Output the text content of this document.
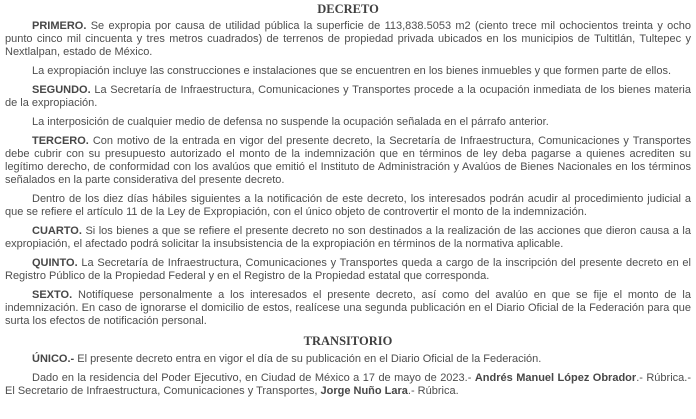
DECRETO

PRIMERO. Se expropia por causa de utilidad pública la superficie de 113,838.5053 m2 (ciento trece mil ochocientos treinta y ocho punto cinco mil cincuenta y tres metros cuadrados) de terrenos de propiedad privada ubicados en los municipios de Tultitlán, Tultepec y Nextlalpan, estado de México.

La expropiación incluye las construcciones e instalaciones que se encuentren en los bienes inmuebles y que formen parte de ellos.

SEGUNDO. La Secretaría de Infraestructura, Comunicaciones y Transportes procede a la ocupación inmediata de los bienes materia de la expropiación.

La interposición de cualquier medio de defensa no suspende la ocupación señalada en el párrafo anterior.

TERCERO. Con motivo de la entrada en vigor del presente decreto, la Secretaría de Infraestructura, Comunicaciones y Transportes debe cubrir con su presupuesto autorizado el monto de la indemnización que en términos de ley deba pagarse a quienes acrediten su legítimo derecho, de conformidad con los avalúos que emitió el Instituto de Administración y Avalúos de Bienes Nacionales en los términos señalados en la parte considerativa del presente decreto.

Dentro de los diez días hábiles siguientes a la notificación de este decreto, los interesados podrán acudir al procedimiento judicial a que se refiere el artículo 11 de la Ley de Expropiación, con el único objeto de controvertir el monto de la indemnización.

CUARTO. Si los bienes a que se refiere el presente decreto no son destinados a la realización de las acciones que dieron causa a la expropiación, el afectado podrá solicitar la insubsistencia de la expropiación en términos de la normativa aplicable.

QUINTO. La Secretaría de Infraestructura, Comunicaciones y Transportes queda a cargo de la inscripción del presente decreto en el Registro Público de la Propiedad Federal y en el Registro de la Propiedad estatal que corresponda.

SEXTO. Notifíquese personalmente a los interesados el presente decreto, así como del avalúo en que se fije el monto de la indemnización. En caso de ignorarse el domicilio de estos, realícese una segunda publicación en el Diario Oficial de la Federación para que surta los efectos de notificación personal.

TRANSITORIO

ÚNICO.- El presente decreto entra en vigor el día de su publicación en el Diario Oficial de la Federación.

Dado en la residencia del Poder Ejecutivo, en Ciudad de México a 17 de mayo de 2023.- Andrés Manuel López Obrador.- Rúbrica.- El Secretario de Infraestructura, Comunicaciones y Transportes, Jorge Nuño Lara.- Rúbrica.
